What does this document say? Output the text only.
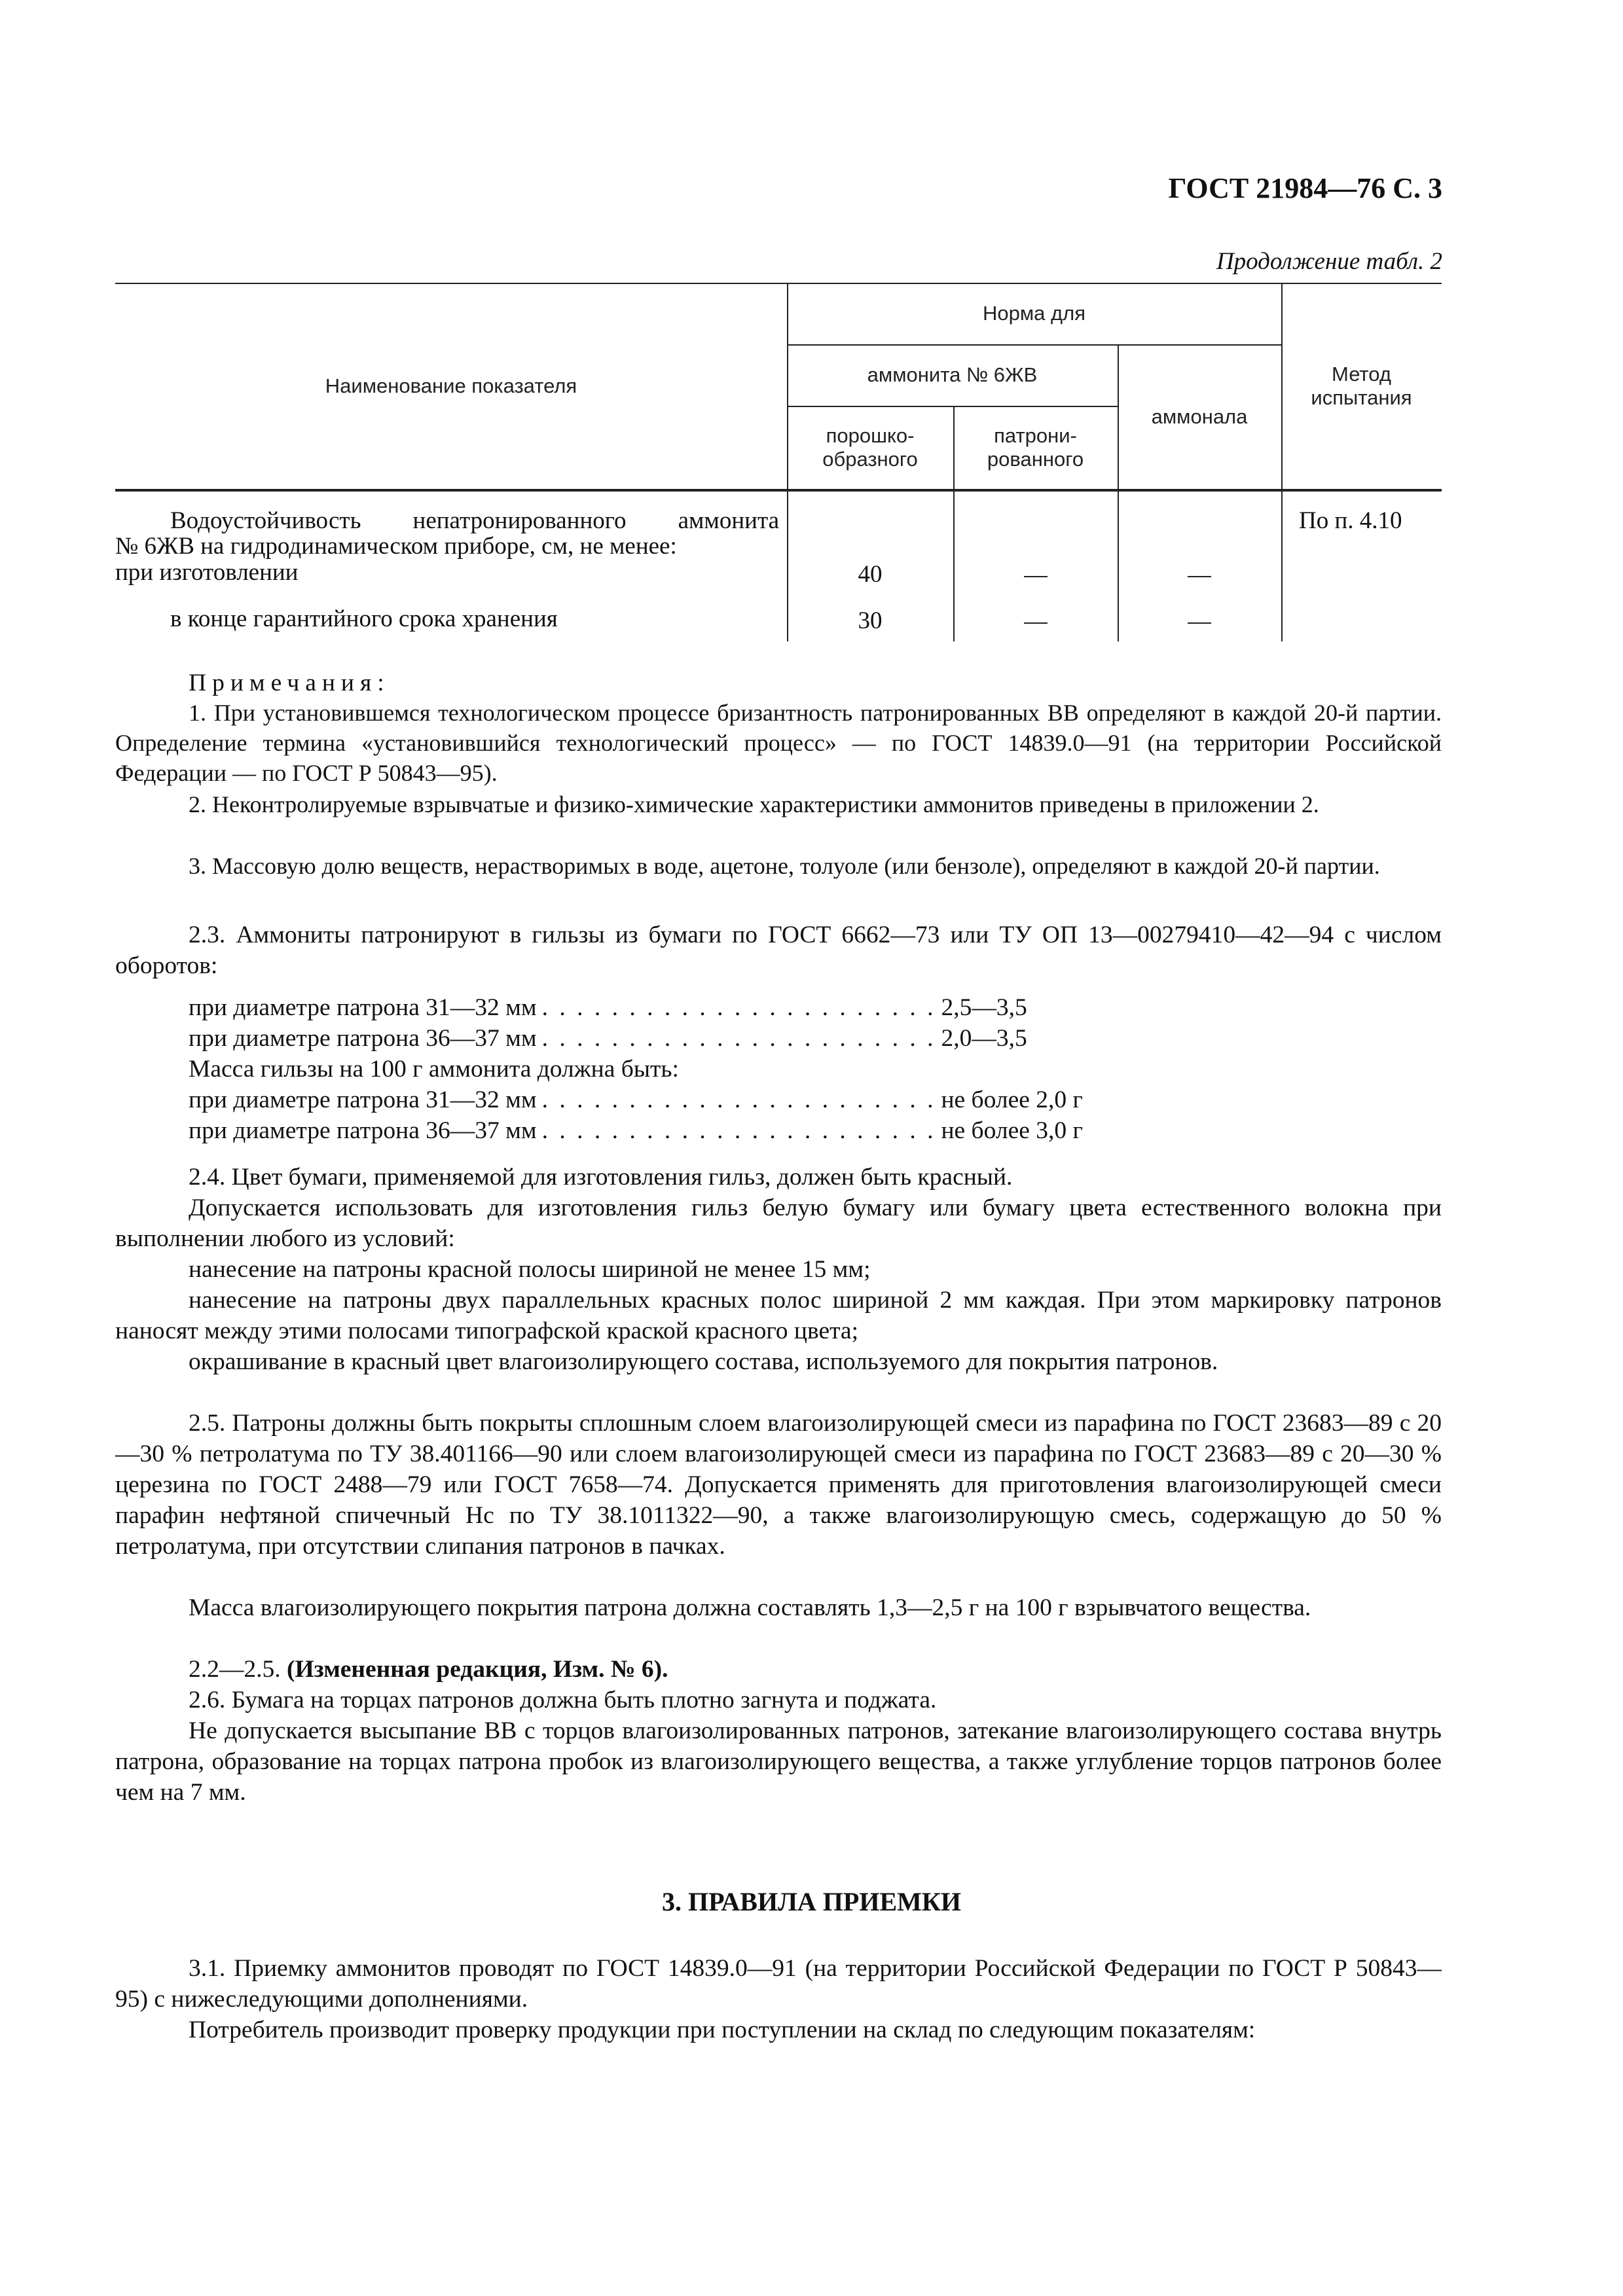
ГОСТ 21984—76 С. 3
Продолжение табл. 2
Наименование показателя
Норма для
аммонита № 6ЖВ
порошко-
образного
патрони-
рованного
аммонала
Метод
испытания
Водоустойчивость непатронированного аммонита
№ 6ЖВ на гидродинамическом приборе, см, не менее:
при изготовлении
в конце гарантийного срока хранения
40
30
По п. 4.10
Примечания:
1. При установившемся технологическом процессе бризантность патронированных ВВ определяют в каждой 20-й партии. Определение термина «установившийся технологический процесс» — по ГОСТ 14839.0—91 (на территории Российской Федерации — по ГОСТ Р 50843—95).
2. Неконтролируемые взрывчатые и физико-химические характеристики аммонитов приведены в приложении 2.
3. Массовую долю веществ, нерастворимых в воде, ацетоне, толуоле (или бензоле), определяют в каждой 20-й партии.
2.3. Аммониты патронируют в гильзы из бумаги по ГОСТ 6662—73 или ТУ ОП 13—00279410—42—94 с числом оборотов:
при диаметре патрона 31—32 мм . . . . . . . . . . . . . . . . . . . . . . . 2,5—3,5
при диаметре патрона 36—37 мм . . . . . . . . . . . . . . . . . . . . . . . 2,0—3,5
Масса гильзы на 100 г аммонита должна быть:
при диаметре патрона 31—32 мм . . . . . . . . . . . . . . . . . . . . . . . не более 2,0 г
при диаметре патрона 36—37 мм . . . . . . . . . . . . . . . . . . . . . . . не более 3,0 г
2.4. Цвет бумаги, применяемой для изготовления гильз, должен быть красный.
Допускается использовать для изготовления гильз белую бумагу или бумагу цвета естественного волокна при выполнении любого из условий:
нанесение на патроны красной полосы шириной не менее 15 мм;
нанесение на патроны двух параллельных красных полос шириной 2 мм каждая. При этом маркировку патронов наносят между этими полосами типографской краской красного цвета;
окрашивание в красный цвет влагоизолирующего состава, используемого для покрытия патронов.
2.5. Патроны должны быть покрыты сплошным слоем влагоизолирующей смеси из парафина по ГОСТ 23683—89 с 20—30 % петролатума по ТУ 38.401166—90 или слоем влагоизолирующей смеси из парафина по ГОСТ 23683—89 с 20—30 % церезина по ГОСТ 2488—79 или ГОСТ 7658—74. Допускается применять для приготовления влагоизолирующей смеси парафин нефтяной спичечный Нс по ТУ 38.1011322—90, а также влагоизолирующую смесь, содержащую до 50 % петролатума, при отсутствии слипания патронов в пачках.
Масса влагоизолирующего покрытия патрона должна составлять 1,3—2,5 г на 100 г взрывчатого вещества.
2.2—2.5. (Измененная редакция, Изм. № 6).
2.6. Бумага на торцах патронов должна быть плотно загнута и поджата.
Не допускается высыпание ВВ с торцов влагоизолированных патронов, затекание влагоизолирующего состава внутрь патрона, образование на торцах патрона пробок из влагоизолирующего вещества, а также углубление торцов патронов более чем на 7 мм.
3. ПРАВИЛА ПРИЕМКИ
3.1. Приемку аммонитов проводят по ГОСТ 14839.0—91 (на территории Российской Федерации по ГОСТ Р 50843—95) с нижеследующими дополнениями.
Потребитель производит проверку продукции при поступлении на склад по следующим показателям:
